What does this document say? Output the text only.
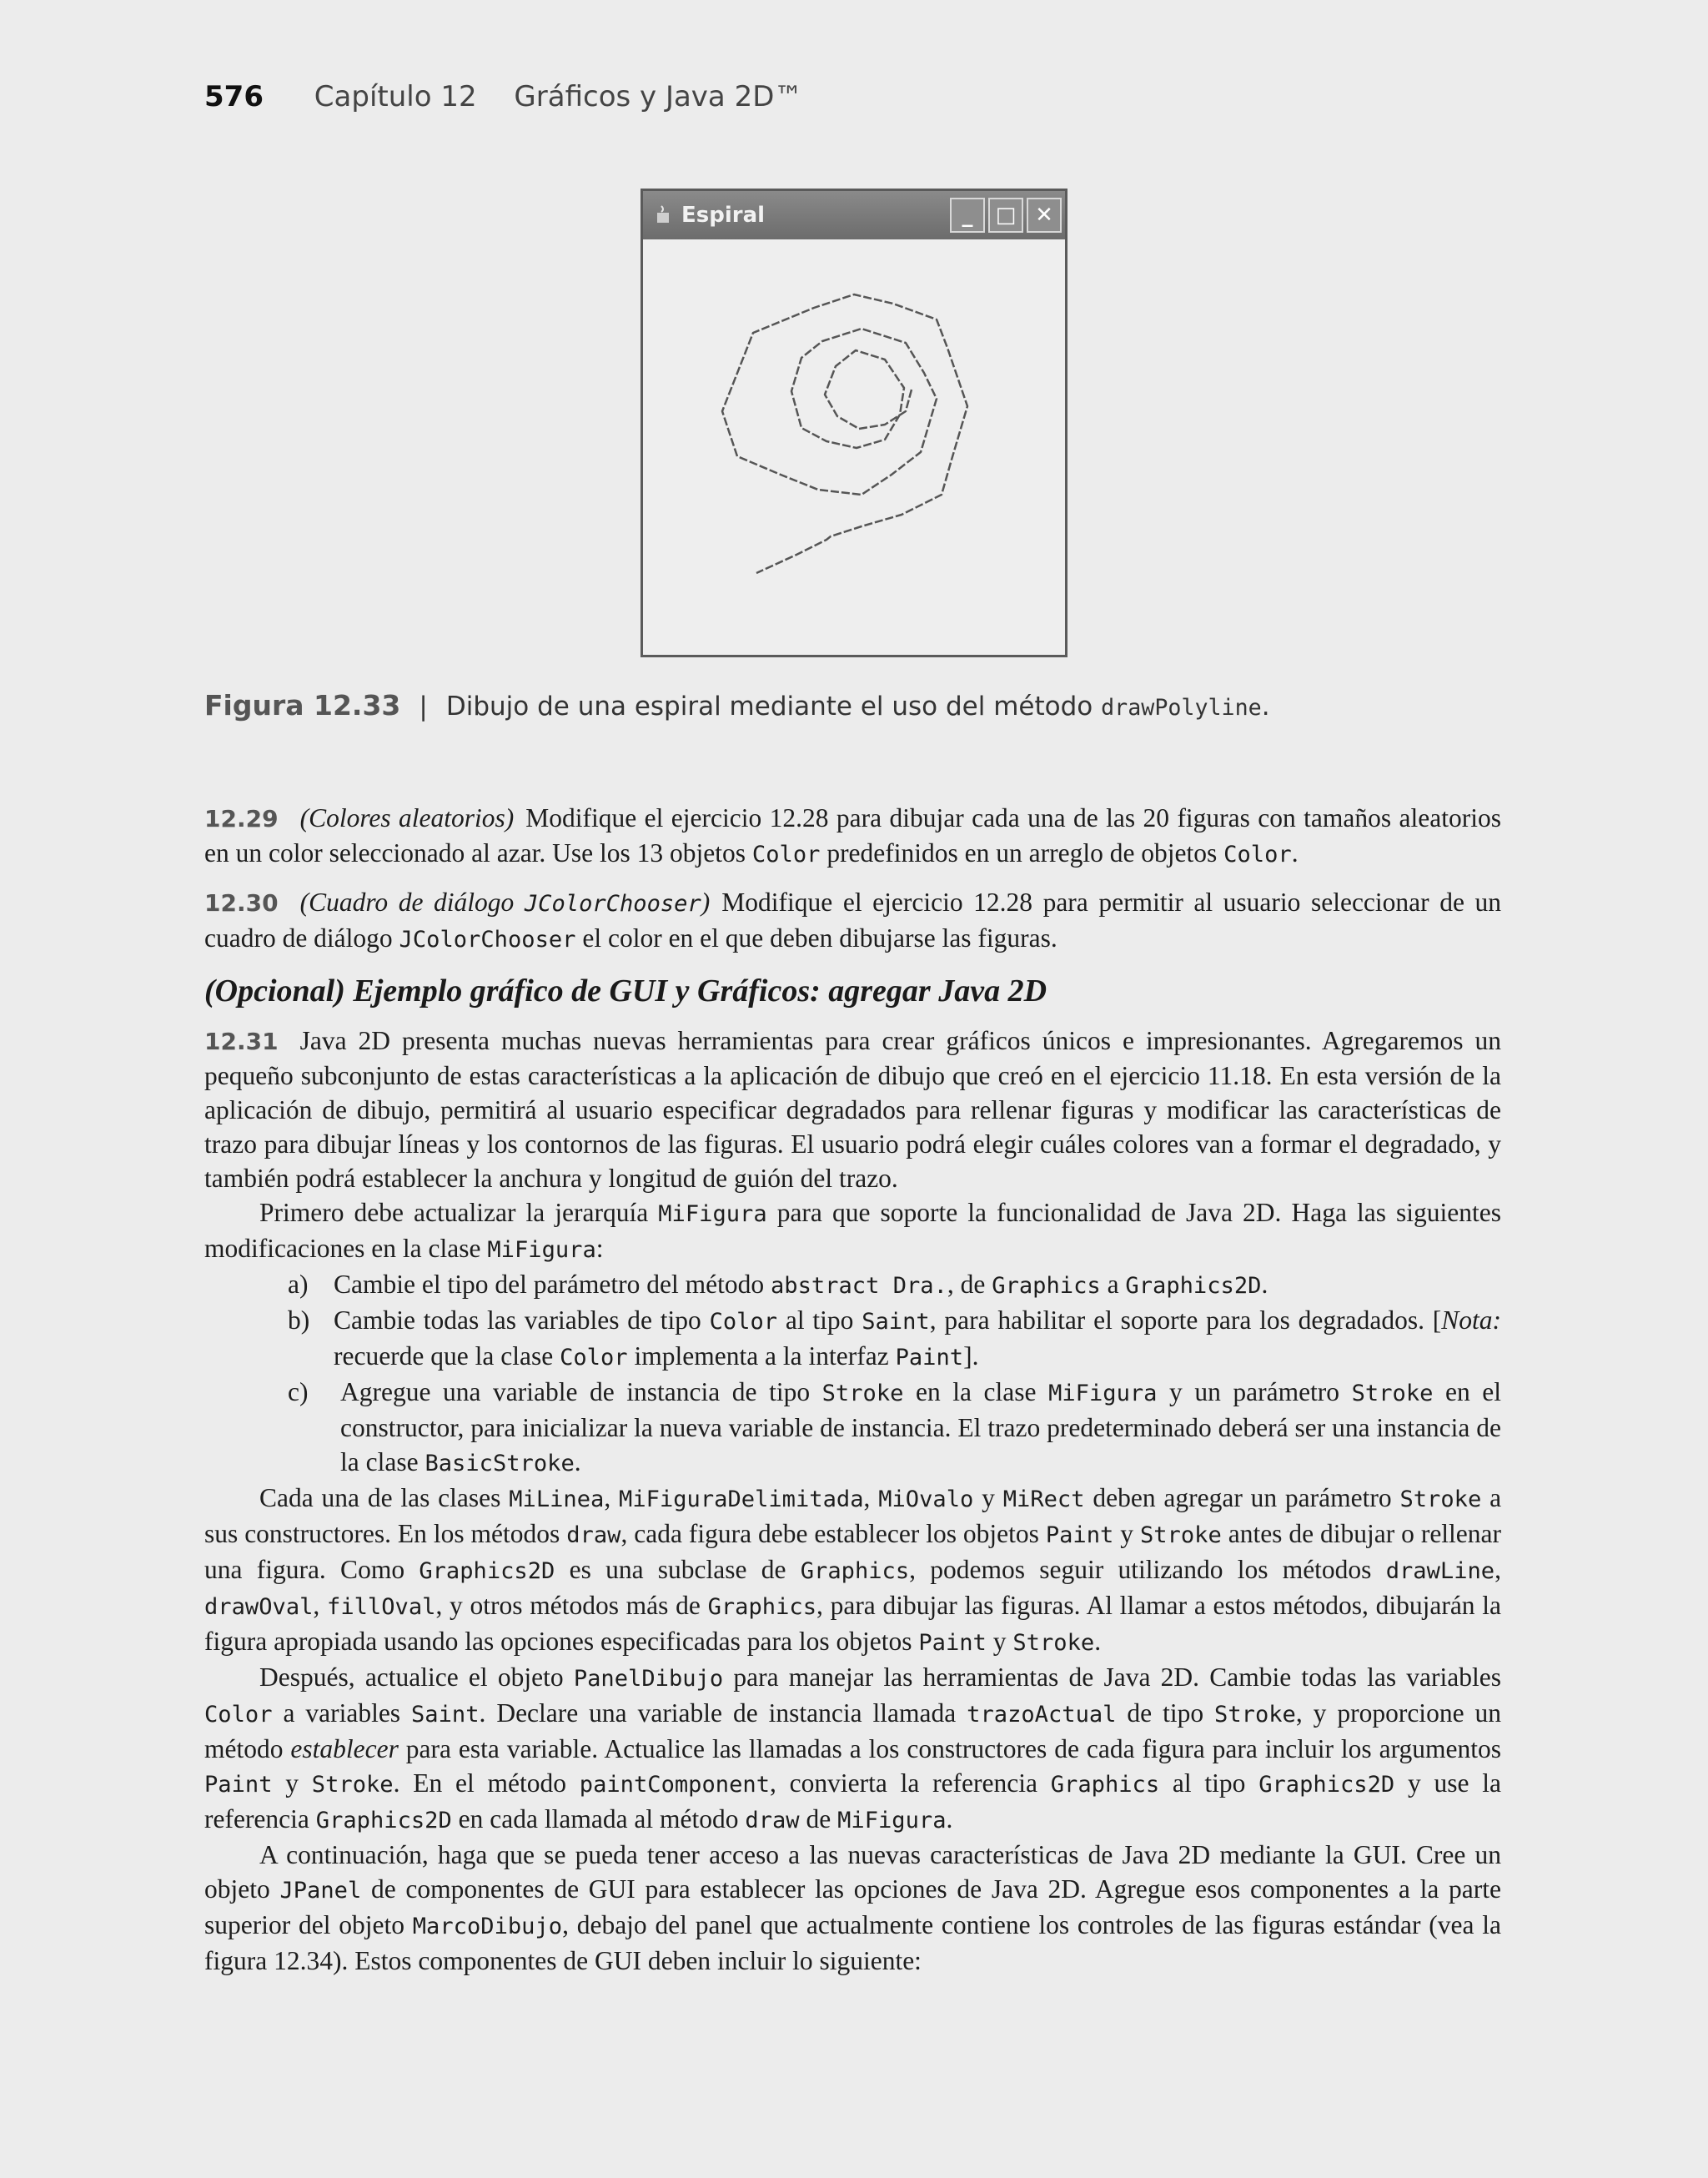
576 Capítulo 12 Gráficos y Java 2D™
Espiral	_ □ ✕
Figura 12.33 | Dibujo de una espiral mediante el uso del método drawPolyline.

12.29 (Colores aleatorios) Modifique el ejercicio 12.28 para dibujar cada una de las 20 figuras con tamaños aleatorios en un color seleccionado al azar. Use los 13 objetos Color predefinidos en un arreglo de objetos Color.

12.30 (Cuadro de diálogo JColorChooser) Modifique el ejercicio 12.28 para permitir al usuario seleccionar de un cuadro de diálogo JColorChooser el color en el que deben dibujarse las figuras.

(Opcional) Ejemplo gráfico de GUI y Gráficos: agregar Java 2D

12.31 Java 2D presenta muchas nuevas herramientas para crear gráficos únicos e impresionantes. Agregaremos un pequeño subconjunto de estas características a la aplicación de dibujo que creó en el ejercicio 11.18. En esta versión de la aplicación de dibujo, permitirá al usuario especificar degradados para rellenar figuras y modificar las características de trazo para dibujar líneas y los contornos de las figuras. El usuario podrá elegir cuáles colores van a formar el degradado, y también podrá establecer la anchura y longitud de guión del trazo.

Primero debe actualizar la jerarquía MiFigura para que soporte la funcionalidad de Java 2D. Haga las siguientes modificaciones en la clase MiFigura:

a) Cambie el tipo del parámetro del método abstract Dra., de Graphics a Graphics2D.

b) Cambie todas las variables de tipo Color al tipo Saint, para habilitar el soporte para los degradados. [Nota: recuerde que la clase Color implementa a la interfaz Paint].

c) Agregue una variable de instancia de tipo Stroke en la clase MiFigura y un parámetro Stroke en el constructor, para inicializar la nueva variable de instancia. El trazo predeterminado deberá ser una instancia de la clase BasicStroke.

Cada una de las clases MiLinea, MiFiguraDelimitada, MiOvalo y MiRect deben agregar un parámetro Stroke a sus constructores. En los métodos draw, cada figura debe establecer los objetos Paint y Stroke antes de dibujar o rellenar una figura. Como Graphics2D es una subclase de Graphics, podemos seguir utilizando los métodos drawLine, drawOval, fillOval, y otros métodos más de Graphics, para dibujar las figuras. Al llamar a estos métodos, dibujarán la figura apropiada usando las opciones especificadas para los objetos Paint y Stroke.

Después, actualice el objeto PanelDibujo para manejar las herramientas de Java 2D. Cambie todas las variables Color a variables Saint. Declare una variable de instancia llamada trazoActual de tipo Stroke, y proporcione un método establecer para esta variable. Actualice las llamadas a los constructores de cada figura para incluir los argumentos Paint y Stroke. En el método paintComponent, convierta la referencia Graphics al tipo Graphics2D y use la referencia Graphics2D en cada llamada al método draw de MiFigura.

A continuación, haga que se pueda tener acceso a las nuevas características de Java 2D mediante la GUI. Cree un objeto JPanel de componentes de GUI para establecer las opciones de Java 2D. Agregue esos componentes a la parte superior del objeto MarcoDibujo, debajo del panel que actualmente contiene los controles de las figuras estándar (vea la figura 12.34). Estos componentes de GUI deben incluir lo siguiente:
